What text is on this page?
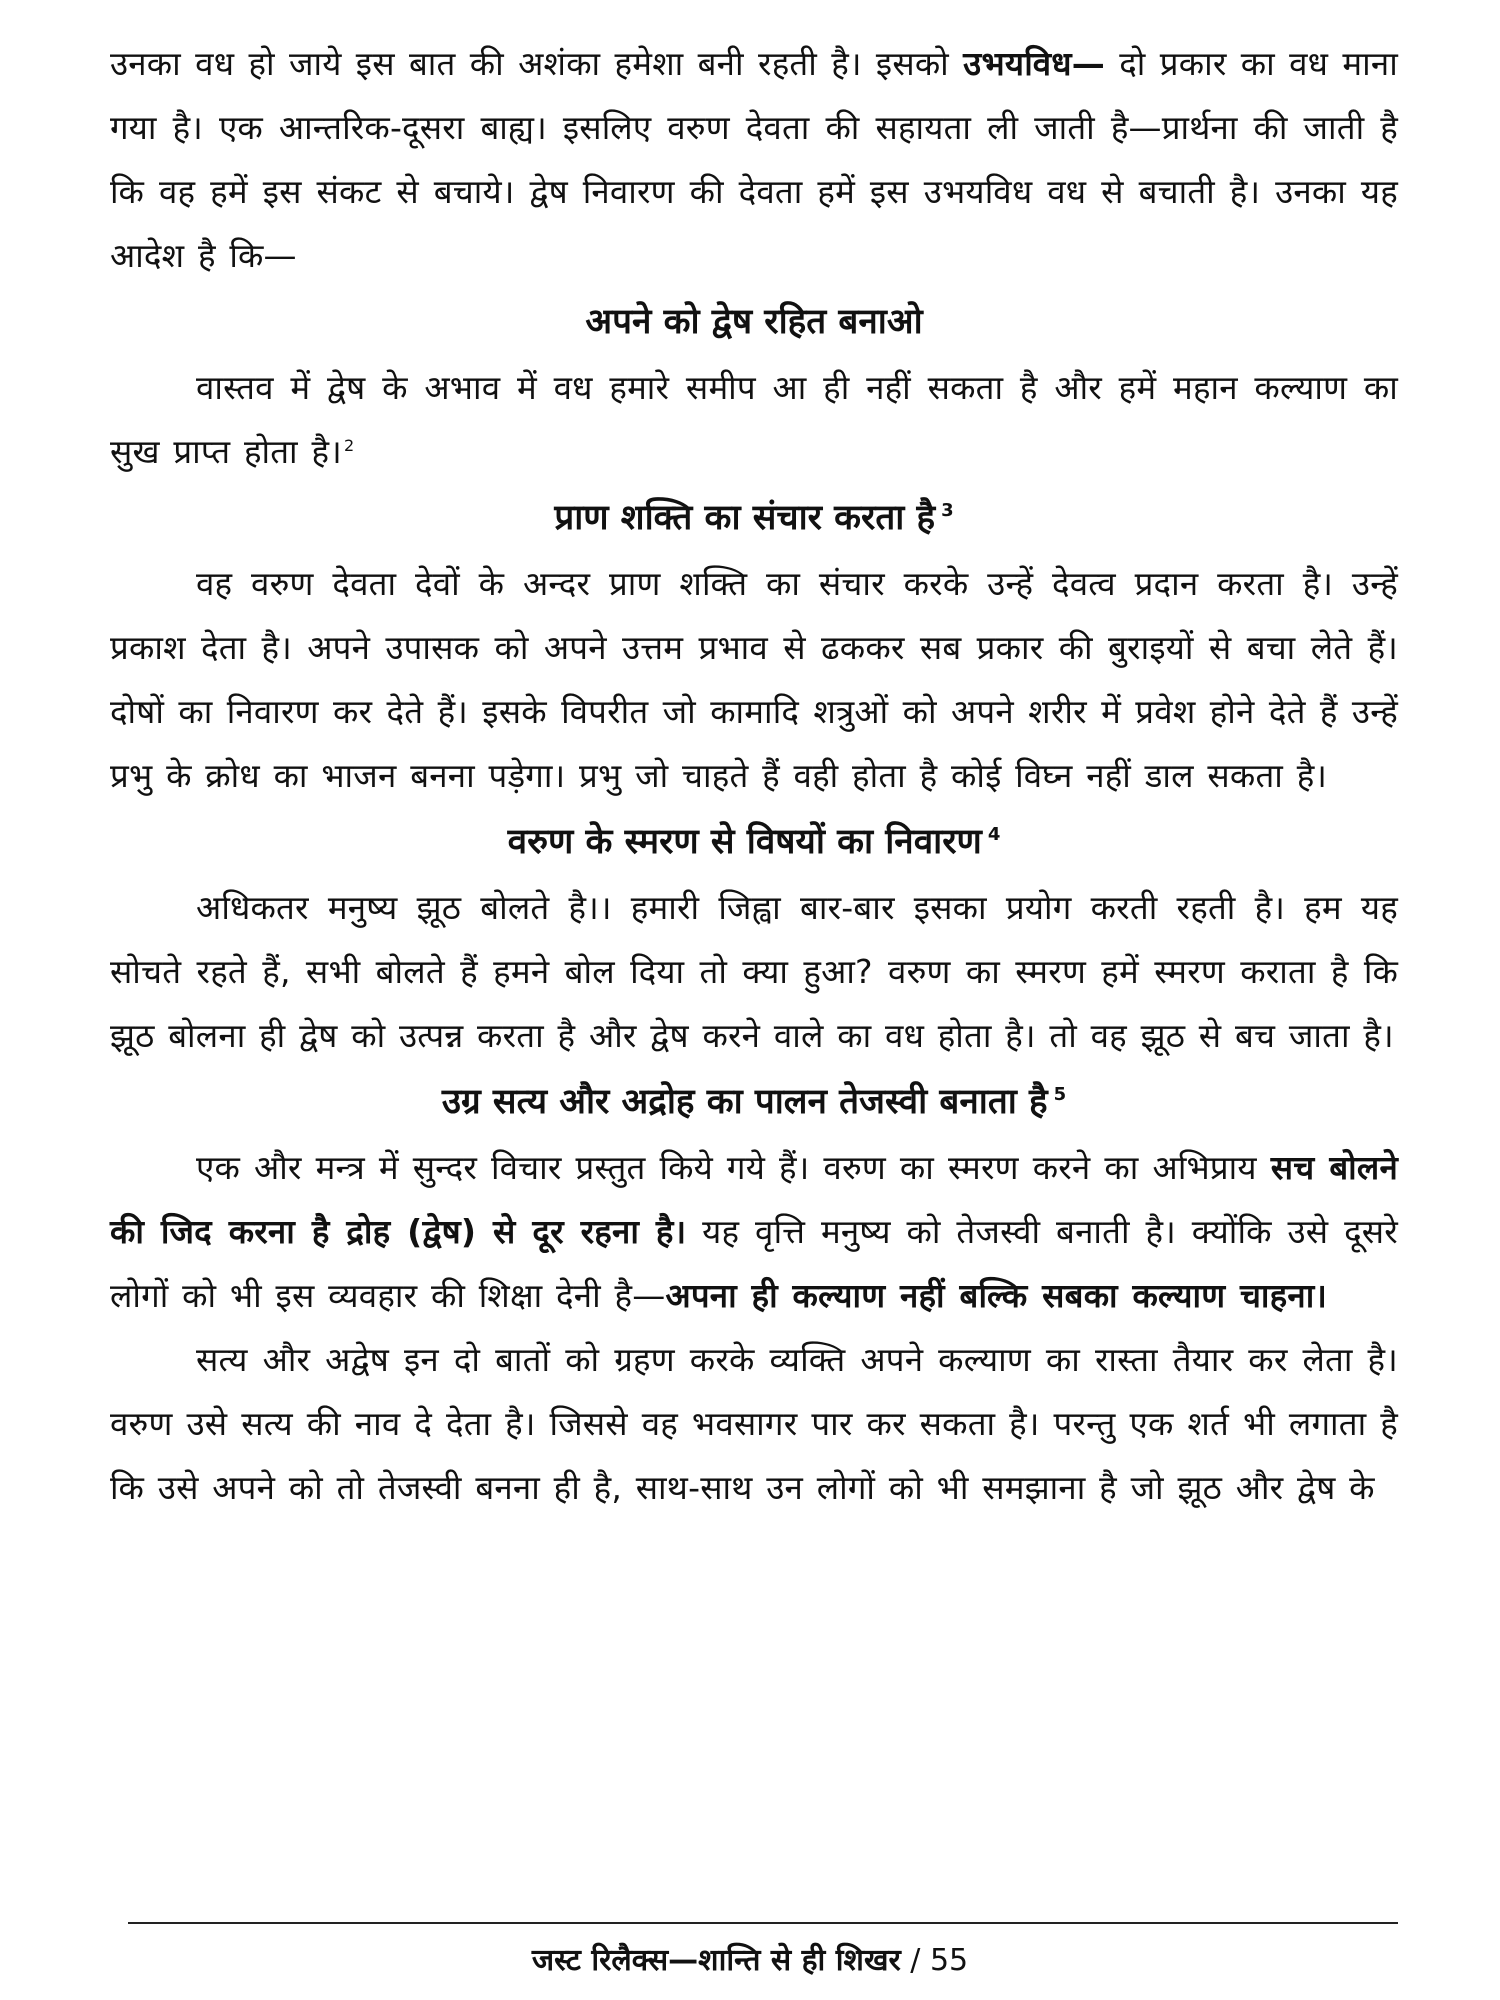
उनका वध हो जाये इस बात की अशंका हमेशा बनी रहती है। इसको उभयविध— दो प्रकार का वध माना गया है। एक आन्तरिक-दूसरा बाह्य। इसलिए वरुण देवता की सहायता ली जाती है—प्रार्थना की जाती है कि वह हमें इस संकट से बचाये। द्वेष निवारण की देवता हमें इस उभयविध वध से बचाती है। उनका यह आदेश है कि—

अपने को द्वेष रहित बनाओ

वास्तव में द्वेष के अभाव में वध हमारे समीप आ ही नहीं सकता है और हमें महान कल्याण का सुख प्राप्त होता है। $^2$

प्राण शक्ति का संचार करता है $^3$

वह वरुण देवता देवों के अन्दर प्राण शक्ति का संचार करके उन्हें देवत्व प्रदान करता है। उन्हें प्रकाश देता है। अपने उपासक को अपने उत्तम प्रभाव से ढककर सब प्रकार की बुराइयों से बचा लेते हैं। दोषों का निवारण कर देते हैं। इसके विपरीत जो कामादि शत्रुओं को अपने शरीर में प्रवेश होने देते हैं उन्हें प्रभु के क्रोध का भाजन बनना पड़ेगा। प्रभु जो चाहते हैं वही होता है कोई विघ्न नहीं डाल सकता है।

वरुण के स्मरण से विषयों का निवारण $^4$

अधिकतर मनुष्य झूठ बोलते है।। हमारी जिह्वा बार-बार इसका प्रयोग करती रहती है। हम यह सोचते रहते हैं, सभी बोलते हैं हमने बोल दिया तो क्या हुआ? वरुण का स्मरण हमें स्मरण कराता है कि झूठ बोलना ही द्वेष को उत्पन्न करता है और द्वेष करने वाले का वध होता है। तो वह झूठ से बच जाता है।

उग्र सत्य और अद्रोह का पालन तेजस्वी बनाता है $^5$

एक और मन्त्र में सुन्दर विचार प्रस्तुत किये गये हैं। वरुण का स्मरण करने का अभिप्राय सच बोलने की जिद करना है द्रोह (द्वेष) से दूर रहना है। यह वृत्ति मनुष्य को तेजस्वी बनाती है। क्योंकि उसे दूसरे लोगों को भी इस व्यवहार की शिक्षा देनी है—अपना ही कल्याण नहीं बल्कि सबका कल्याण चाहना।

सत्य और अद्वेष इन दो बातों को ग्रहण करके व्यक्ति अपने कल्याण का रास्ता तैयार कर लेता है। वरुण उसे सत्य की नाव दे देता है। जिससे वह भवसागर पार कर सकता है। परन्तु एक शर्त भी लगाता है कि उसे अपने को तो तेजस्वी बनना ही है, साथ-साथ उन लोगों को भी समझाना है जो झूठ और द्वेष के

जस्ट रिलैक्स—शान्ति से ही शिखर / 55
